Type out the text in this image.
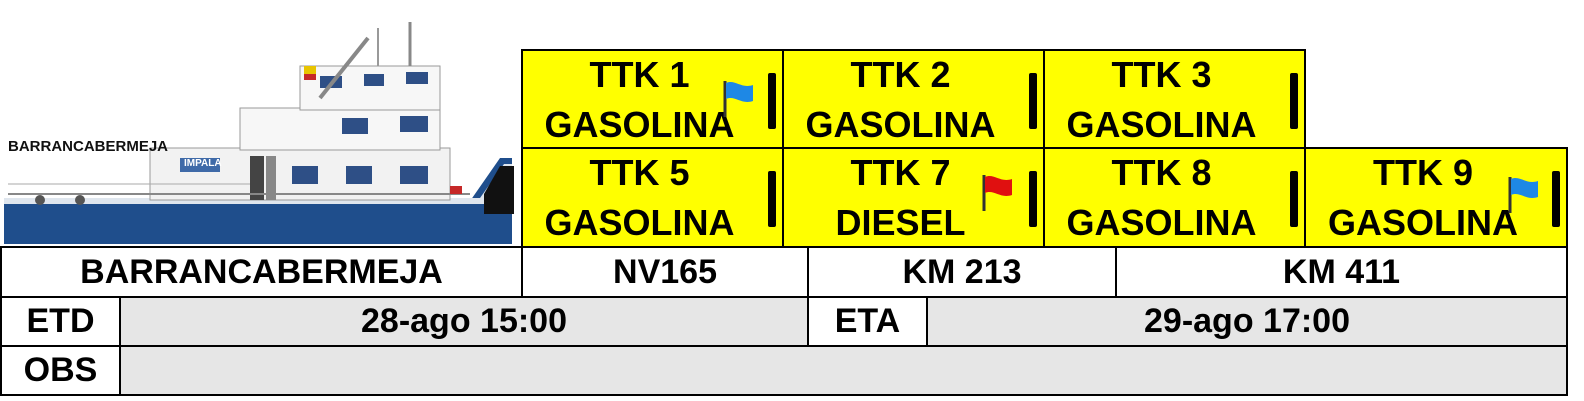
BARRANCABERMEJA
IMPALA
TTK 1
GASOLINA
TTK 2
GASOLINA
TTK 3
GASOLINA
TTK 5
GASOLINA
TTK 7
DIESEL
TTK 8
GASOLINA
TTK 9
GASOLINA
BARRANCABERMEJA	NV165	KM 213	KM 411
ETD	28-ago 15:00	ETA	29-ago 17:00
OBS
